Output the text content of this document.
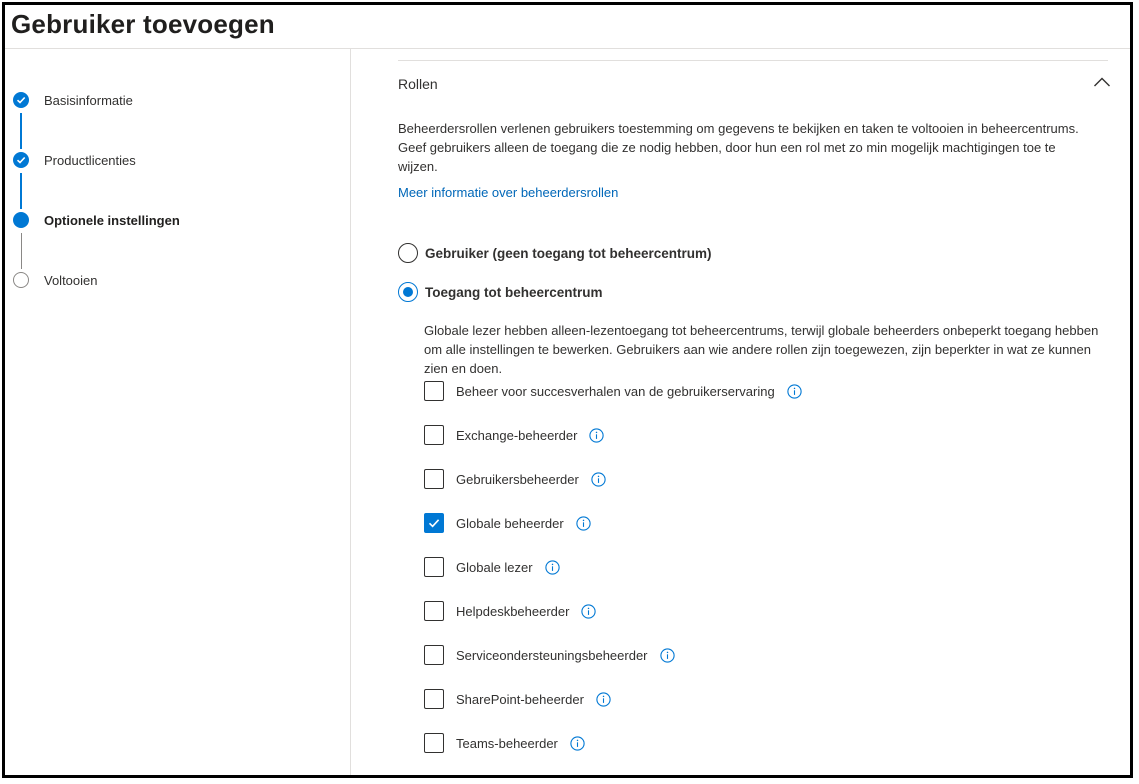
Gebruiker toevoegen
Basisinformatie
Productlicenties
Optionele instellingen
Voltooien
Rollen
Beheerdersrollen verlenen gebruikers toestemming om gegevens te bekijken en taken te voltooien in beheercentrums. Geef gebruikers alleen de toegang die ze nodig hebben, door hun een rol met zo min mogelijk machtigingen toe te wijzen.
Meer informatie over beheerdersrollen
Gebruiker (geen toegang tot beheercentrum)
Toegang tot beheercentrum
Globale lezer hebben alleen-lezentoegang tot beheercentrums, terwijl globale beheerders onbeperkt toegang hebben om alle instellingen te bewerken. Gebruikers aan wie andere rollen zijn toegewezen, zijn beperkter in wat ze kunnen zien en doen.
Beheer voor succesverhalen van de gebruikerservaring
Exchange-beheerder
Gebruikersbeheerder
Globale beheerder
Globale lezer
Helpdeskbeheerder
Serviceondersteuningsbeheerder
SharePoint-beheerder
Teams-beheerder
